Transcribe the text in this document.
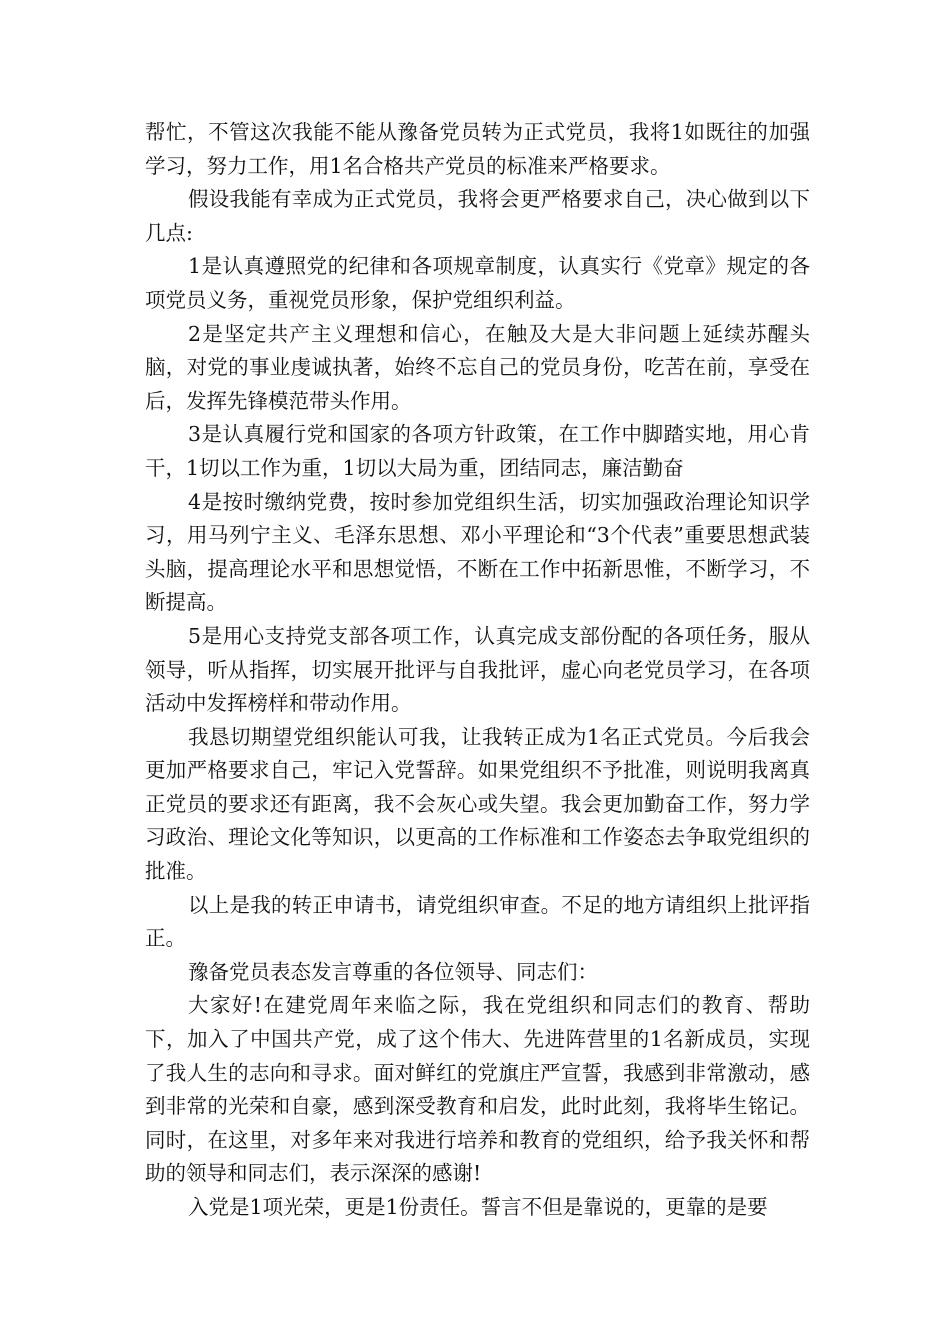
帮忙，不管这次我能不能从豫备党员转为正式党员，我将1如既往的加强学习，努力工作，用1名合格共产党员的标准来严格要求。

假设我能有幸成为正式党员，我将会更严格要求自己，决心做到以下几点:

1是认真遵照党的纪律和各项规章制度，认真实行《党章》规定的各项党员义务，重视党员形象，保护党组织利益。

2是坚定共产主义理想和信心，在触及大是大非问题上延续苏醒头脑，对党的事业虔诚执著，始终不忘自己的党员身份，吃苦在前，享受在后，发挥先锋模范带头作用。

3是认真履行党和国家的各项方针政策，在工作中脚踏实地，用心肯干，1切以工作为重，1切以大局为重，团结同志，廉洁勤奋

4是按时缴纳党费，按时参加党组织生活，切实加强政治理论知识学习，用马列宁主义、毛泽东思想、邓小平理论和“3个代表”重要思想武装头脑，提高理论水平和思想觉悟，不断在工作中拓新思惟，不断学习，不断提高。

5是用心支持党支部各项工作，认真完成支部份配的各项任务，服从领导，听从指挥，切实展开批评与自我批评，虚心向老党员学习，在各项活动中发挥榜样和带动作用。

我恳切期望党组织能认可我，让我转正成为1名正式党员。今后我会更加严格要求自己，牢记入党誓辞。如果党组织不予批准，则说明我离真正党员的要求还有距离，我不会灰心或失望。我会更加勤奋工作，努力学习政治、理论文化等知识，以更高的工作标准和工作姿态去争取党组织的批准。

以上是我的转正申请书，请党组织审查。不足的地方请组织上批评指正。

豫备党员表态发言尊重的各位领导、同志们：

大家好!在建党周年来临之际，我在党组织和同志们的教育、帮助下，加入了中国共产党，成了这个伟大、先进阵营里的1名新成员，实现了我人生的志向和寻求。面对鲜红的党旗庄严宣誓，我感到非常激动，感到非常的光荣和自豪，感到深受教育和启发，此时此刻，我将毕生铭记。同时，在这里，对多年来对我进行培养和教育的党组织，给予我关怀和帮助的领导和同志们，表示深深的感谢!

入党是1项光荣，更是1份责任。誓言不但是靠说的，更靠的是要
